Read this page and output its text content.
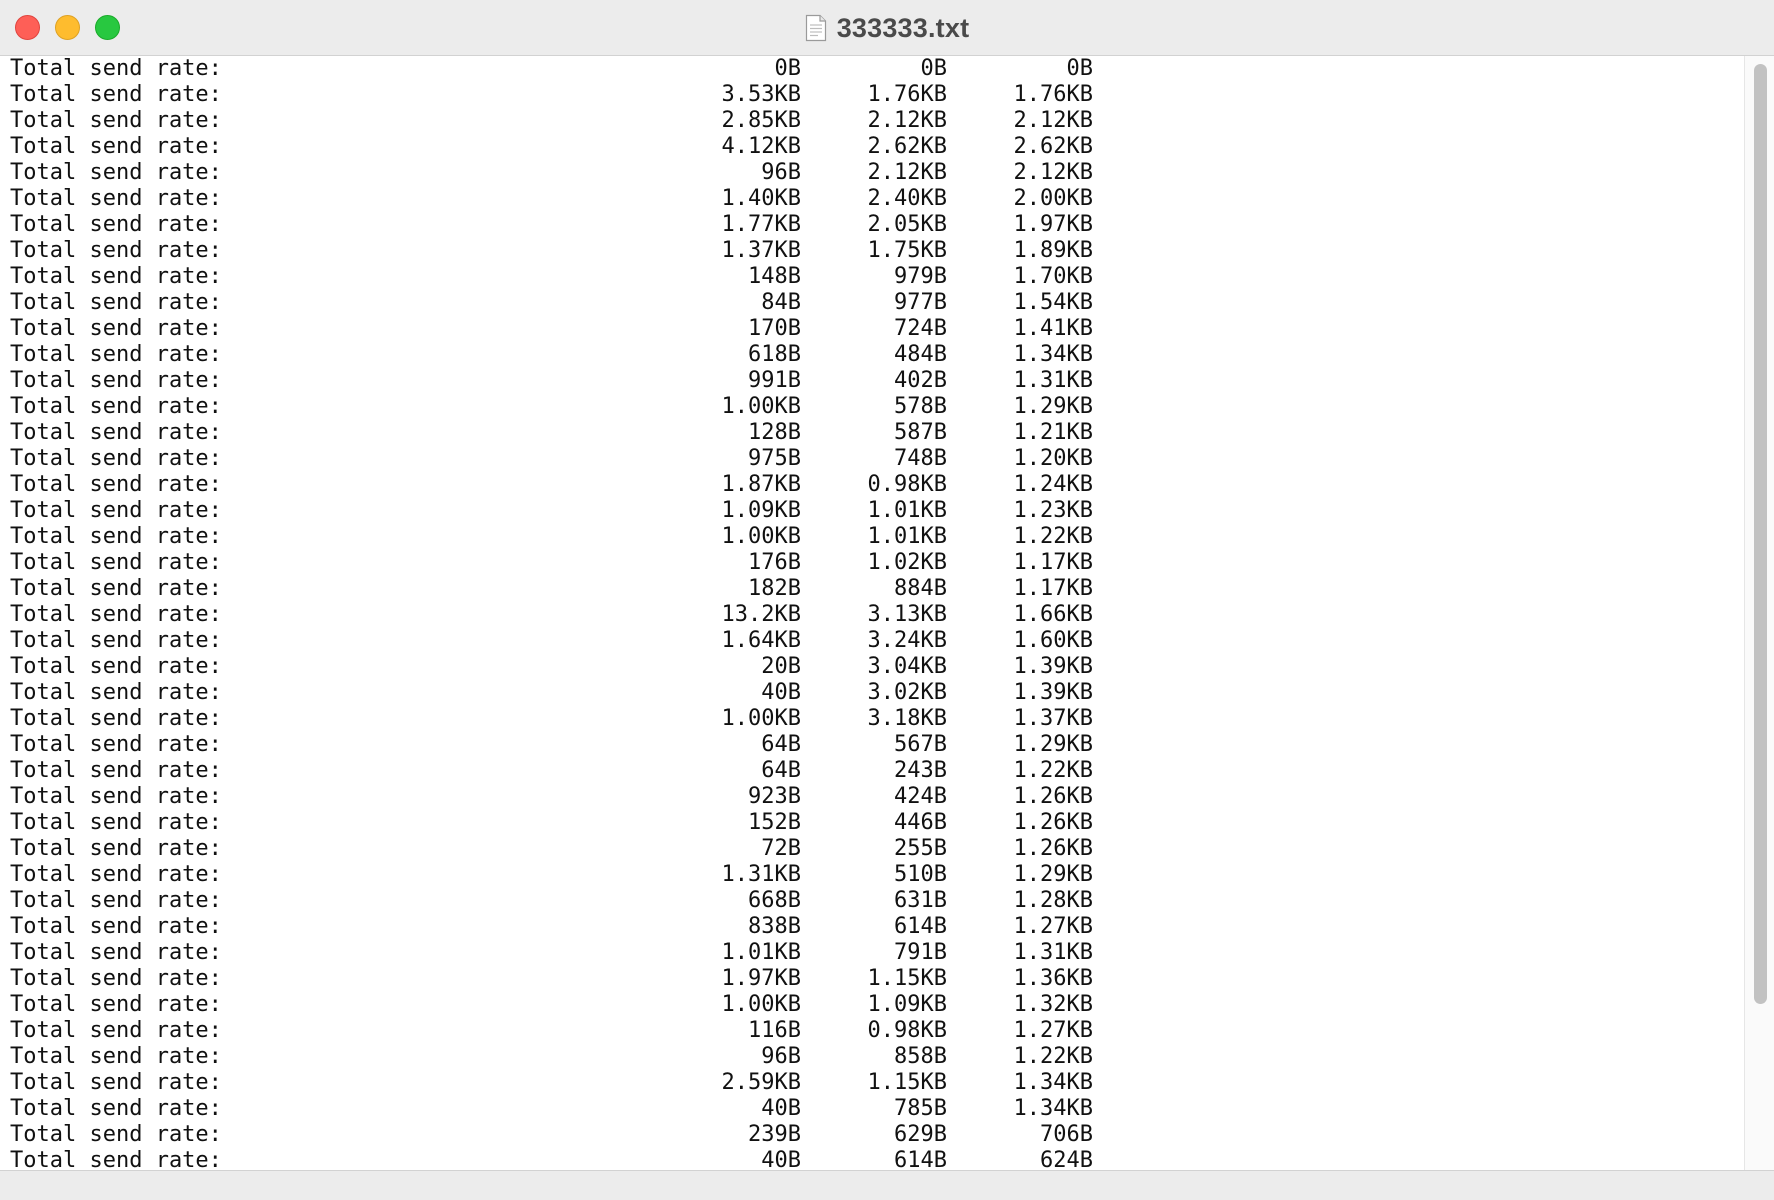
333333.txt
Total send rate:	0B	0B	0B
Total send rate:	3.53KB	1.76KB	1.76KB
Total send rate:	2.85KB	2.12KB	2.12KB
Total send rate:	4.12KB	2.62KB	2.62KB
Total send rate:	96B	2.12KB	2.12KB
Total send rate:	1.40KB	2.40KB	2.00KB
Total send rate:	1.77KB	2.05KB	1.97KB
Total send rate:	1.37KB	1.75KB	1.89KB
Total send rate:	148B	979B	1.70KB
Total send rate:	84B	977B	1.54KB
Total send rate:	170B	724B	1.41KB
Total send rate:	618B	484B	1.34KB
Total send rate:	991B	402B	1.31KB
Total send rate:	1.00KB	578B	1.29KB
Total send rate:	128B	587B	1.21KB
Total send rate:	975B	748B	1.20KB
Total send rate:	1.87KB	0.98KB	1.24KB
Total send rate:	1.09KB	1.01KB	1.23KB
Total send rate:	1.00KB	1.01KB	1.22KB
Total send rate:	176B	1.02KB	1.17KB
Total send rate:	182B	884B	1.17KB
Total send rate:	13.2KB	3.13KB	1.66KB
Total send rate:	1.64KB	3.24KB	1.60KB
Total send rate:	20B	3.04KB	1.39KB
Total send rate:	40B	3.02KB	1.39KB
Total send rate:	1.00KB	3.18KB	1.37KB
Total send rate:	64B	567B	1.29KB
Total send rate:	64B	243B	1.22KB
Total send rate:	923B	424B	1.26KB
Total send rate:	152B	446B	1.26KB
Total send rate:	72B	255B	1.26KB
Total send rate:	1.31KB	510B	1.29KB
Total send rate:	668B	631B	1.28KB
Total send rate:	838B	614B	1.27KB
Total send rate:	1.01KB	791B	1.31KB
Total send rate:	1.97KB	1.15KB	1.36KB
Total send rate:	1.00KB	1.09KB	1.32KB
Total send rate:	116B	0.98KB	1.27KB
Total send rate:	96B	858B	1.22KB
Total send rate:	2.59KB	1.15KB	1.34KB
Total send rate:	40B	785B	1.34KB
Total send rate:	239B	629B	706B
Total send rate:	40B	614B	624B
